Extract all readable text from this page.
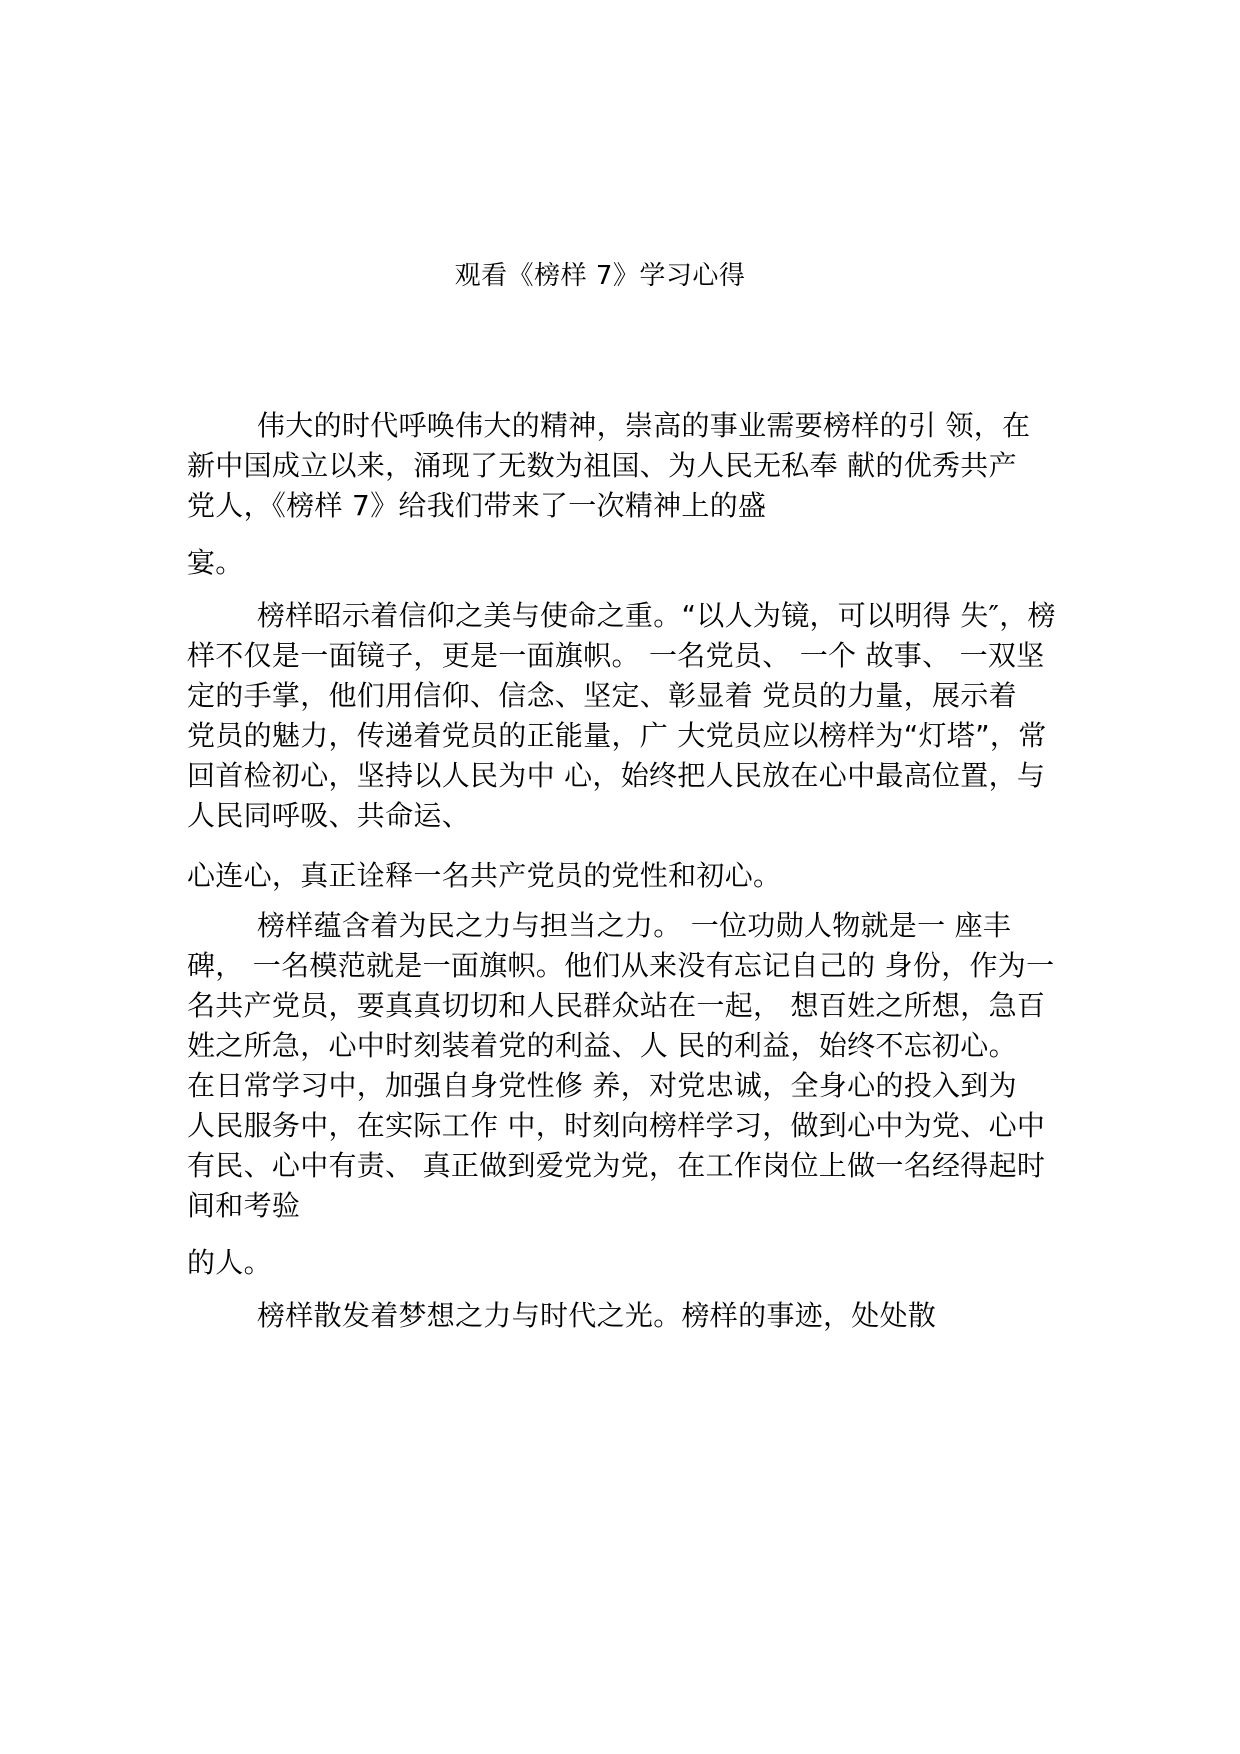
观看《榜样 7》学习心得
伟大的时代呼唤伟大的精神，崇高的事业需要榜样的引 领，在
新中国成立以来，涌现了无数为祖国、为人民无私奉 献的优秀共产
党人，《榜样 7》给我们带来了一次精神上的盛
宴。
榜样昭示着信仰之美与使命之重。“以人为镜，可以明得 失″，榜
样不仅是一面镜子，更是一面旗帜。 一名党员、 一个 故事、 一双坚
定的手掌，他们用信仰、信念、坚定、彰显着 党员的力量，展示着
党员的魅力，传递着党员的正能量，广 大党员应以榜样为“灯塔”，常
回首检初心，坚持以人民为中 心，始终把人民放在心中最高位置，与
人民同呼吸、共命运、
心连心，真正诠释一名共产党员的党性和初心。
榜样蕴含着为民之力与担当之力。 一位功勋人物就是一 座丰
碑， 一名模范就是一面旗帜。他们从来没有忘记自己的 身份，作为一
名共产党员，要真真切切和人民群众站在一起， 想百姓之所想，急百
姓之所急，心中时刻装着党的利益、人 民的利益，始终不忘初心。
在日常学习中，加强自身党性修 养，对党忠诚，全身心的投入到为
人民服务中，在实际工作 中，时刻向榜样学习，做到心中为党、心中
有民、心中有责、 真正做到爱党为党，在工作岗位上做一名经得起时
间和考验
的人。
榜样散发着梦想之力与时代之光。榜样的事迹，处处散
